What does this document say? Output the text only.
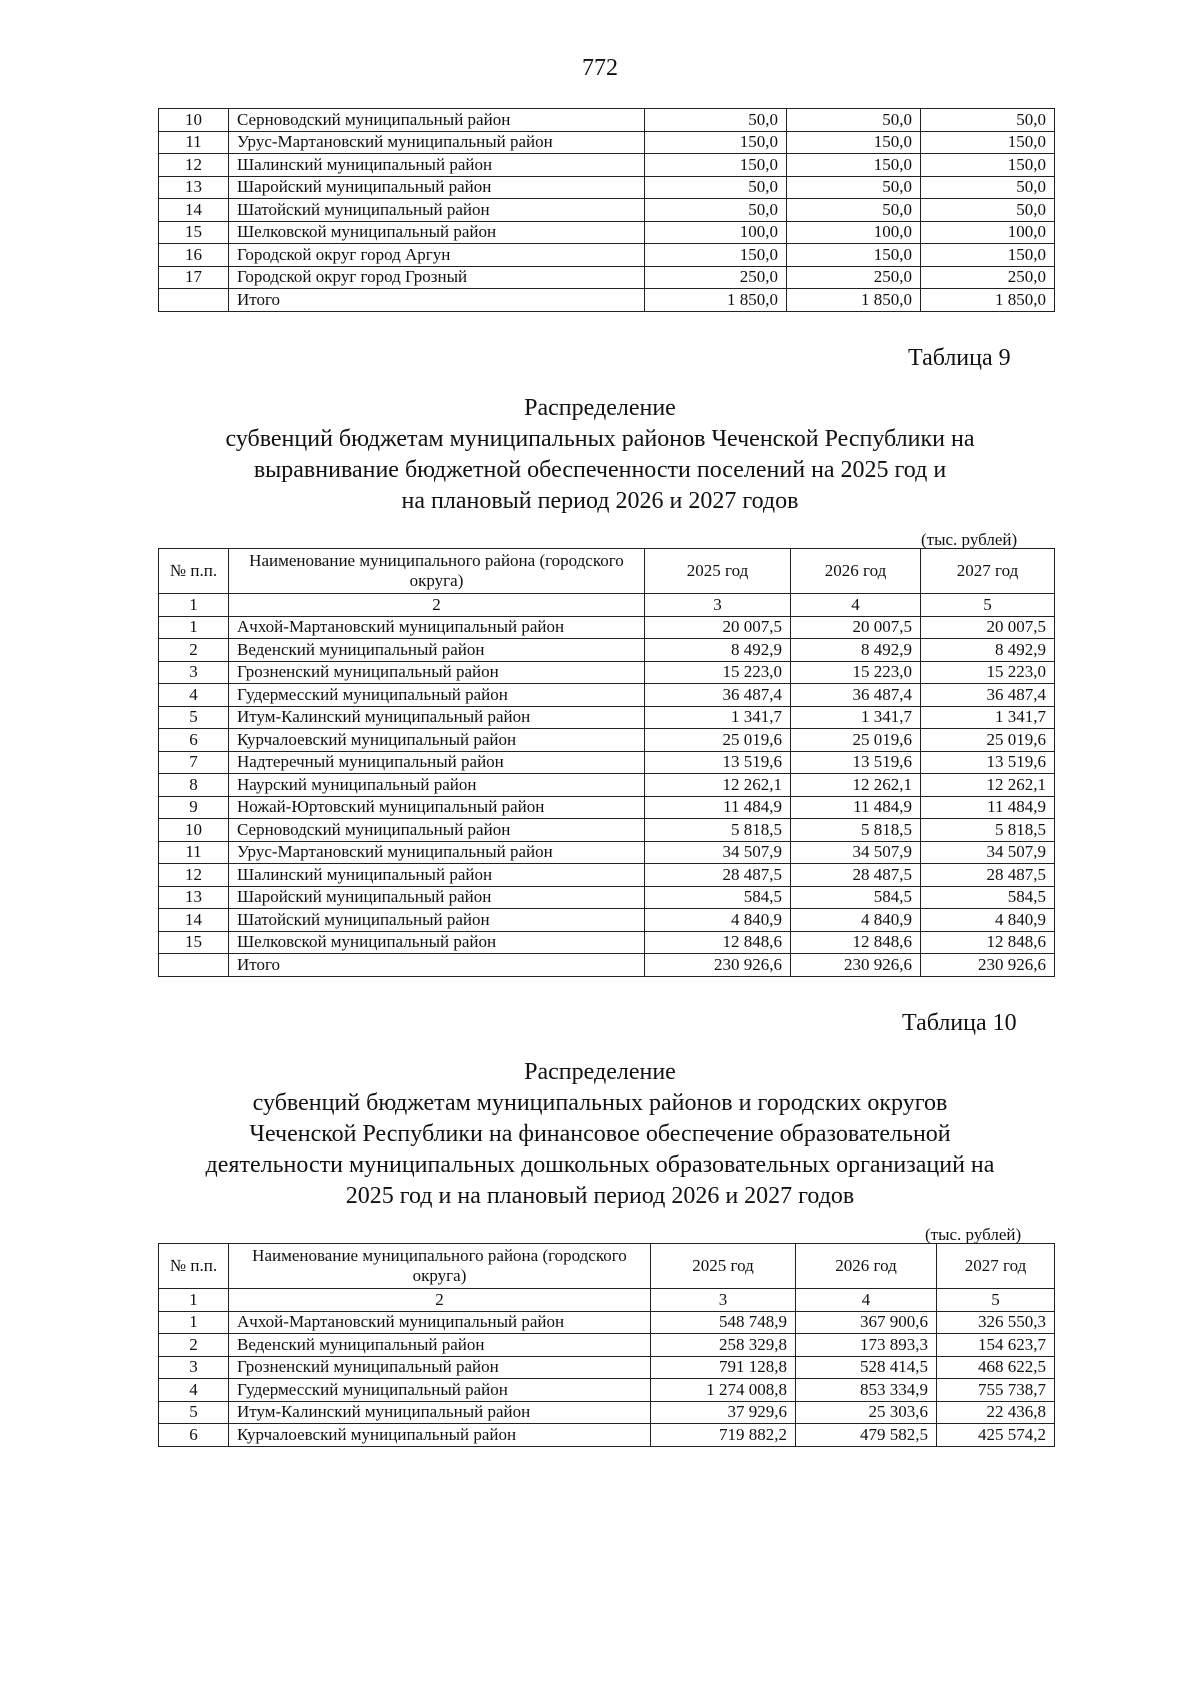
772
10	Серноводский муниципальный район	50,0	50,0	50,0
11	Урус-Мартановский муниципальный район	150,0	150,0	150,0
12	Шалинский муниципальный район	150,0	150,0	150,0
13	Шаройский муниципальный район	50,0	50,0	50,0
14	Шатойский муниципальный район	50,0	50,0	50,0
15	Шелковской муниципальный район	100,0	100,0	100,0
16	Городской округ город Аргун	150,0	150,0	150,0
17	Городской округ город Грозный	250,0	250,0	250,0
	Итого	1 850,0	1 850,0	1 850,0
Таблица 9
Распределение
субвенций бюджетам муниципальных районов Чеченской Республики на
выравнивание бюджетной обеспеченности поселений на 2025 год и
на плановый период 2026 и 2027 годов
(тыс. рублей)
№ п.п.	Наименование муниципального района (городского округа)	2025 год	2026 год	2027 год
1	2	3	4	5
1	Ачхой-Мартановский муниципальный район	20 007,5	20 007,5	20 007,5
2	Веденский муниципальный район	8 492,9	8 492,9	8 492,9
3	Грозненский муниципальный район	15 223,0	15 223,0	15 223,0
4	Гудермесский муниципальный район	36 487,4	36 487,4	36 487,4
5	Итум-Калинский муниципальный район	1 341,7	1 341,7	1 341,7
6	Курчалоевский муниципальный район	25 019,6	25 019,6	25 019,6
7	Надтеречный муниципальный район	13 519,6	13 519,6	13 519,6
8	Наурский муниципальный район	12 262,1	12 262,1	12 262,1
9	Ножай-Юртовский муниципальный район	11 484,9	11 484,9	11 484,9
10	Серноводский муниципальный район	5 818,5	5 818,5	5 818,5
11	Урус-Мартановский муниципальный район	34 507,9	34 507,9	34 507,9
12	Шалинский муниципальный район	28 487,5	28 487,5	28 487,5
13	Шаройский муниципальный район	584,5	584,5	584,5
14	Шатойский муниципальный район	4 840,9	4 840,9	4 840,9
15	Шелковской муниципальный район	12 848,6	12 848,6	12 848,6
	Итого	230 926,6	230 926,6	230 926,6
Таблица 10
Распределение
субвенций бюджетам муниципальных районов и городских округов
Чеченской Республики на финансовое обеспечение образовательной
деятельности муниципальных дошкольных образовательных организаций на
2025 год и на плановый период 2026 и 2027 годов
(тыс. рублей)
№ п.п.	Наименование муниципального района (городского округа)	2025 год	2026 год	2027 год
1	2	3	4	5
1	Ачхой-Мартановский муниципальный район	548 748,9	367 900,6	326 550,3
2	Веденский муниципальный район	258 329,8	173 893,3	154 623,7
3	Грозненский муниципальный район	791 128,8	528 414,5	468 622,5
4	Гудермесский муниципальный район	1 274 008,8	853 334,9	755 738,7
5	Итум-Калинский муниципальный район	37 929,6	25 303,6	22 436,8
6	Курчалоевский муниципальный район	719 882,2	479 582,5	425 574,2
